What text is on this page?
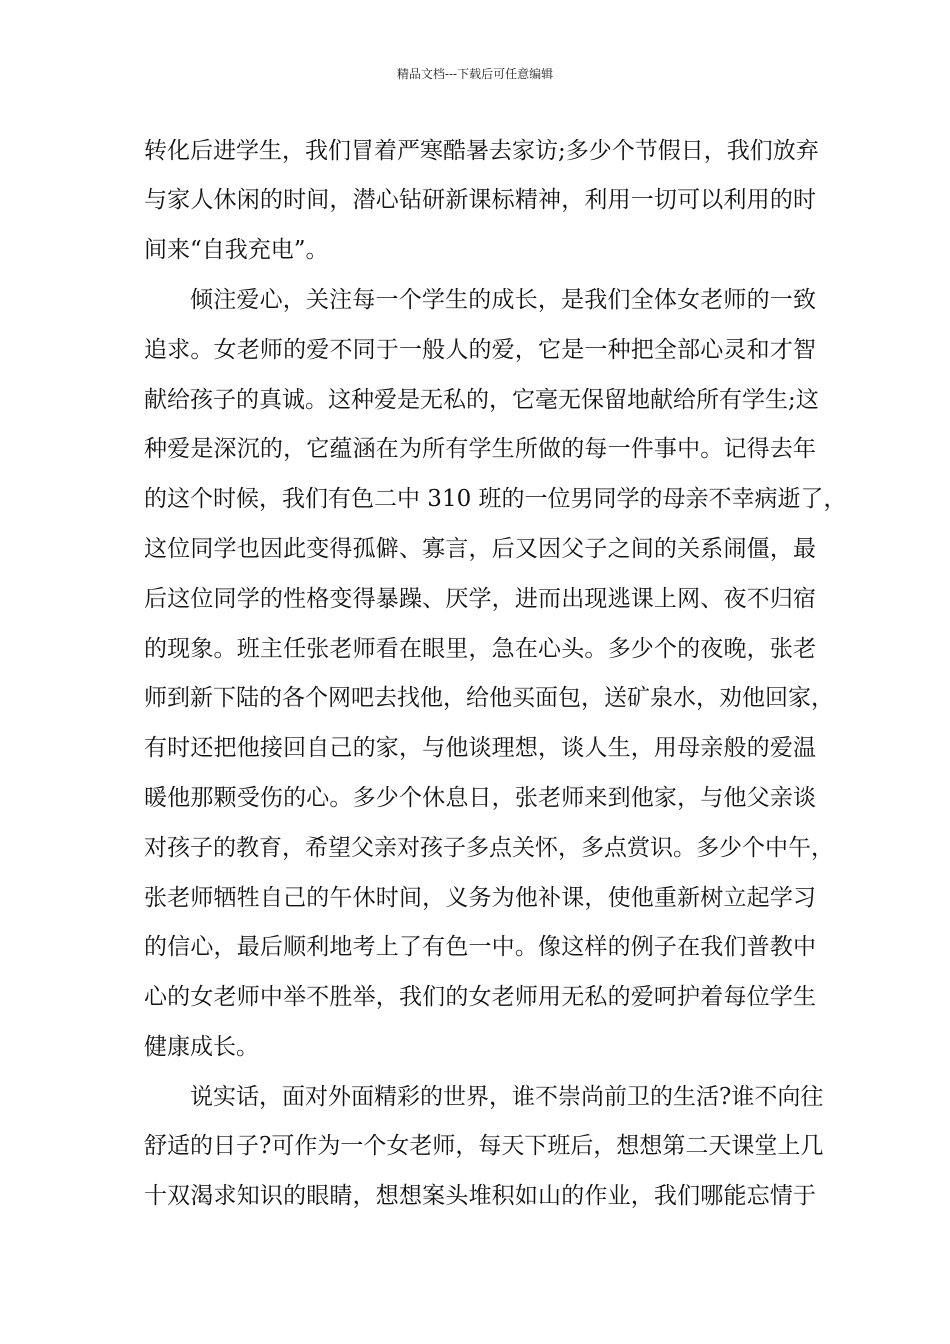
精品文档---下载后可任意编辑
转化后进学生，我们冒着严寒酷暑去家访;多少个节假日，我们放弃
与家人休闲的时间，潜心钻研新课标精神，利用一切可以利用的时
间来“自我充电”。
倾注爱心，关注每一个学生的成长，是我们全体女老师的一致
追求。女老师的爱不同于一般人的爱，它是一种把全部心灵和才智
献给孩子的真诚。这种爱是无私的，它毫无保留地献给所有学生;这
种爱是深沉的，它蕴涵在为所有学生所做的每一件事中。记得去年
的这个时候，我们有色二中 310 班的一位男同学的母亲不幸病逝了，
这位同学也因此变得孤僻、寡言，后又因父子之间的关系闹僵，最
后这位同学的性格变得暴躁、厌学，进而出现逃课上网、夜不归宿
的现象。班主任张老师看在眼里，急在心头。多少个的夜晚，张老
师到新下陆的各个网吧去找他，给他买面包，送矿泉水，劝他回家，
有时还把他接回自己的家，与他谈理想，谈人生，用母亲般的爱温
暖他那颗受伤的心。多少个休息日，张老师来到他家，与他父亲谈
对孩子的教育，希望父亲对孩子多点关怀，多点赏识。多少个中午，
张老师牺牲自己的午休时间，义务为他补课，使他重新树立起学习
的信心，最后顺利地考上了有色一中。像这样的例子在我们普教中
心的女老师中举不胜举，我们的女老师用无私的爱呵护着每位学生
健康成长。
说实话，面对外面精彩的世界，谁不崇尚前卫的生活?谁不向往
舒适的日子?可作为一个女老师，每天下班后，想想第二天课堂上几
十双渴求知识的眼睛，想想案头堆积如山的作业，我们哪能忘情于
